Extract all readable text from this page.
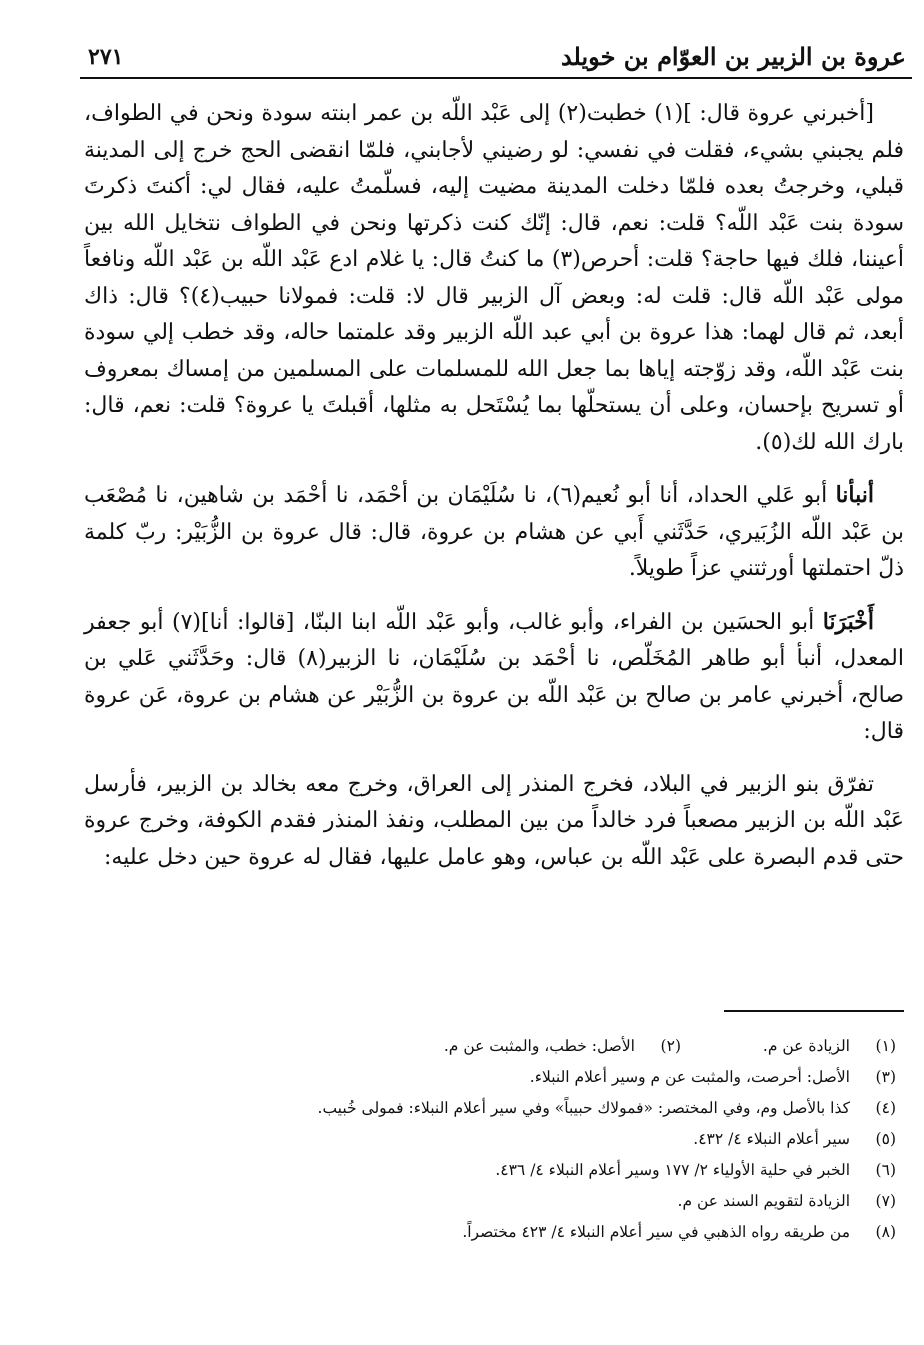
عروة بن الزبير بن العوّام بن خويلد
٢٧١

[أخبرني عروة قال: ](١) خطبت(٢) إلى عَبْد اللّه بن عمر ابنته سودة ونحن في الطواف، فلم يجبني بشيء، فقلت في نفسي: لو رضيني لأجابني، فلمّا انقضى الحج خرج إلى المدينة قبلي، وخرجتُ بعده فلمّا دخلت المدينة مضيت إليه، فسلّمتُ عليه، فقال لي: أكنتَ ذكرتَ سودة بنت عَبْد اللّه؟ قلت: نعم، قال: إنّك كنت ذكرتها ونحن في الطواف نتخايل الله بين أعيننا، فلك فيها حاجة؟ قلت: أحرص(٣) ما كنتُ قال: يا غلام ادع عَبْد اللّه بن عَبْد اللّه ونافعاً مولى عَبْد اللّه قال: قلت له: وبعض آل الزبير قال لا: قلت: فمولانا حبيب(٤)؟ قال: ذاك أبعد، ثم قال لهما: هذا عروة بن أبي عبد اللّه الزبير وقد علمتما حاله، وقد خطب إلي سودة بنت عَبْد اللّه، وقد زوّجته إياها بما جعل الله للمسلمات على المسلمين من إمساك بمعروف أو تسريح بإحسان، وعلى أن يستحلّها بما يُسْتَحل به مثلها، أقبلتَ يا عروة؟ قلت: نعم، قال: بارك الله لك(٥).

أنبأنا أبو عَلي الحداد، أنا أبو نُعيم(٦)، نا سُلَيْمَان بن أحْمَد، نا أحْمَد بن شاهين، نا مُصْعَب بن عَبْد اللّه الزُبَيري، حَدَّثَني أَبي عن هشام بن عروة، قال: قال عروة بن الزُّبَيْر: ربّ كلمة ذلّ احتملتها أورثتني عزاً طويلاً.

أَخْبَرَنَا أبو الحسَين بن الفراء، وأبو غالب، وأبو عَبْد اللّه ابنا البنّا، [قالوا: أنا](٧) أبو جعفر المعدل، أنبأ أبو طاهر المُخَلّص، نا أحْمَد بن سُلَيْمَان، نا الزبير(٨) قال: وحَدَّثَني عَلي بن صالح، أخبرني عامر بن صالح بن عَبْد اللّه بن عروة بن الزُّبَيْر عن هشام بن عروة، عَن عروة قال:

تفرّق بنو الزبير في البلاد، فخرج المنذر إلى العراق، وخرج معه بخالد بن الزبير، فأرسل عَبْد اللّه بن الزبير مصعباً فرد خالداً من بين المطلب، ونفذ المنذر فقدم الكوفة، وخرج عروة حتى قدم البصرة على عَبْد اللّه بن عباس، وهو عامل عليها، فقال له عروة حين دخل عليه:

(١)
الزيادة عن م.
(٢)
الأصل: خطب، والمثبت عن م.
(٣)
الأصل: أحرصت، والمثبت عن م وسير أعلام النبلاء.
(٤)
كذا بالأصل وم، وفي المختصر: «فمولاك حبيباً» وفي سير أعلام النبلاء: فمولى خُبيب.
(٥)
سير أعلام النبلاء ٤/ ٤٣٢.
(٦)
الخبر في حلية الأولياء ٢/ ١٧٧ وسير أعلام النبلاء ٤/ ٤٣٦.
(٧)
الزيادة لتقويم السند عن م.
(٨)
من طريقه رواه الذهبي في سير أعلام النبلاء ٤/ ٤٢٣ مختصراً.
